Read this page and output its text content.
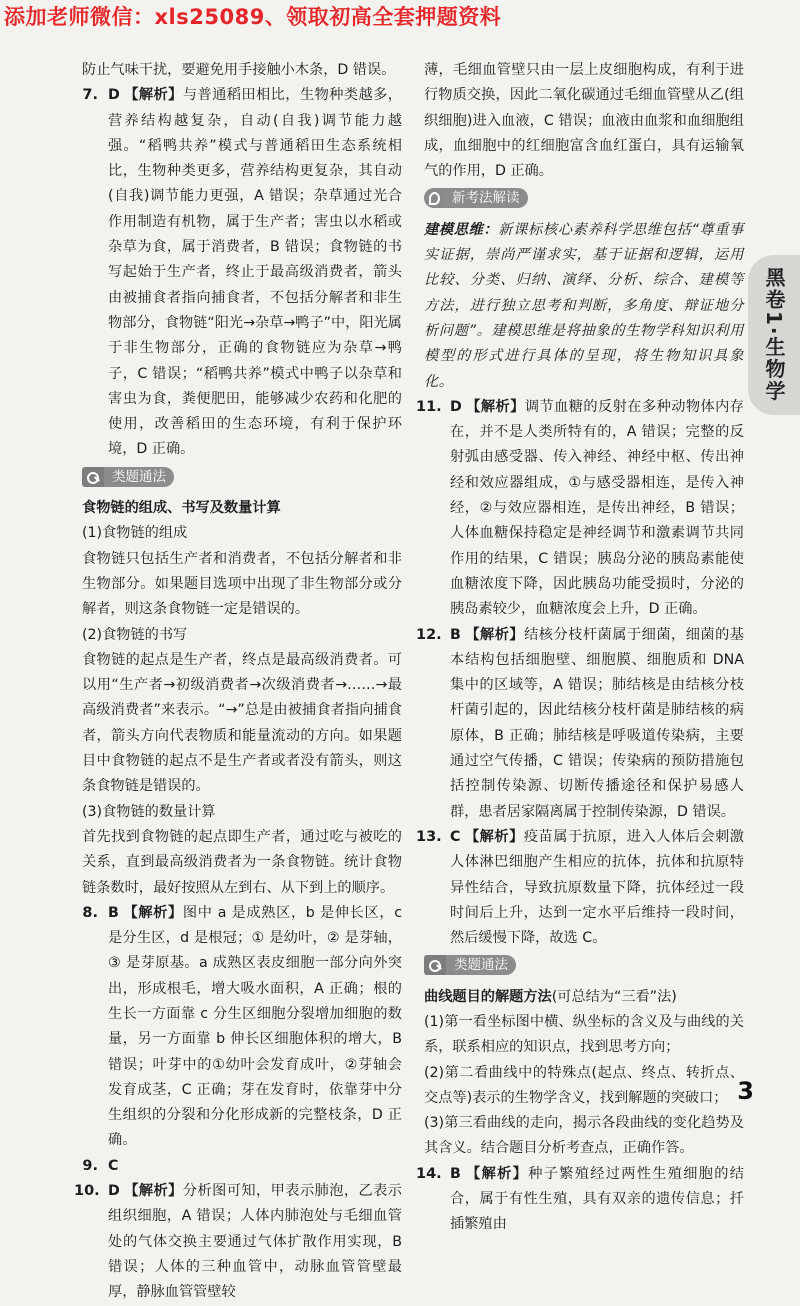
添加老师微信：xls25089、领取初高全套押题资料
防止气味干扰，要避免用手接触小木条，D 错误。
7. D 【解析】与普通稻田相比，生物种类越多，营养结构越复杂，自动(自我)调节能力越强。“稻鸭共养”模式与普通稻田生态系统相比，生物种类更多，营养结构更复杂，其自动(自我)调节能力更强，A 错误；杂草通过光合作用制造有机物，属于生产者；害虫以水稻或杂草为食，属于消费者，B 错误；食物链的书写起始于生产者，终止于最高级消费者，箭头由被捕食者指向捕食者，不包括分解者和非生物部分，食物链“阳光→杂草→鸭子”中，阳光属于非生物部分，正确的食物链应为杂草→鸭子，C 错误；“稻鸭共养”模式中鸭子以杂草和害虫为食，粪便肥田，能够减少农药和化肥的使用，改善稻田的生态环境，有利于保护环境，D 正确。
类题通法
食物链的组成、书写及数量计算
(1)食物链的组成
食物链只包括生产者和消费者，不包括分解者和非生物部分。如果题目选项中出现了非生物部分或分解者，则这条食物链一定是错误的。
(2)食物链的书写
食物链的起点是生产者，终点是最高级消费者。可以用“生产者→初级消费者→次级消费者→……→最高级消费者”来表示。“→”总是由被捕食者指向捕食者，箭头方向代表物质和能量流动的方向。如果题目中食物链的起点不是生产者或者没有箭头，则这条食物链是错误的。
(3)食物链的数量计算
首先找到食物链的起点即生产者，通过吃与被吃的关系，直到最高级消费者为一条食物链。统计食物链条数时，最好按照从左到右、从下到上的顺序。
8. B 【解析】图中 a 是成熟区，b 是伸长区，c 是分生区，d 是根冠；① 是幼叶，② 是芽轴，③ 是芽原基。a 成熟区表皮细胞一部分向外突出，形成根毛，增大吸水面积，A 正确；根的生长一方面靠 c 分生区细胞分裂增加细胞的数量，另一方面靠 b 伸长区细胞体积的增大，B 错误；叶芽中的①幼叶会发育成叶，②芽轴会发育成茎，C 正确；芽在发育时，依靠芽中分生组织的分裂和分化形成新的完整枝条，D 正确。
9. C
10. D 【解析】分析图可知，甲表示肺泡，乙表示组织细胞，A 错误；人体内肺泡处与毛细血管处的气体交换主要通过气体扩散作用实现，B 错误；人体的三种血管中，动脉血管管壁最厚，静脉血管管壁较
薄，毛细血管壁只由一层上皮细胞构成，有利于进行物质交换，因此二氧化碳通过毛细血管壁从乙(组织细胞)进入血液，C 错误；血液由血浆和血细胞组成，血细胞中的红细胞富含血红蛋白，具有运输氧气的作用，D 正确。
新考法解读
建模思维：新课标核心素养科学思维包括“尊重事实证据，崇尚严谨求实，基于证据和逻辑，运用比较、分类、归纳、演绎、分析、综合、建模等方法，进行独立思考和判断，多角度、辩证地分析问题”。建模思维是将抽象的生物学科知识利用模型的形式进行具体的呈现，将生物知识具象化。
11. D 【解析】调节血糖的反射在多种动物体内存在，并不是人类所特有的，A 错误；完整的反射弧由感受器、传入神经、神经中枢、传出神经和效应器组成，①与感受器相连，是传入神经，②与效应器相连，是传出神经，B 错误；人体血糖保持稳定是神经调节和激素调节共同作用的结果，C 错误；胰岛分泌的胰岛素能使血糖浓度下降，因此胰岛功能受损时，分泌的胰岛素较少，血糖浓度会上升，D 正确。
12. B 【解析】结核分枝杆菌属于细菌，细菌的基本结构包括细胞壁、细胞膜、细胞质和 DNA 集中的区域等，A 错误；肺结核是由结核分枝杆菌引起的，因此结核分枝杆菌是肺结核的病原体，B 正确；肺结核是呼吸道传染病，主要通过空气传播，C 错误；传染病的预防措施包括控制传染源、切断传播途径和保护易感人群，患者居家隔离属于控制传染源，D 错误。
13. C 【解析】疫苗属于抗原，进入人体后会刺激人体淋巴细胞产生相应的抗体，抗体和抗原特异性结合，导致抗原数量下降，抗体经过一段时间后上升，达到一定水平后维持一段时间，然后缓慢下降，故选 C。
类题通法
曲线题目的解题方法(可总结为“三看”法)
(1)第一看坐标图中横、纵坐标的含义及与曲线的关系，联系相应的知识点，找到思考方向；
(2)第二看曲线中的特殊点(起点、终点、转折点、交点等)表示的生物学含义，找到解题的突破口；
(3)第三看曲线的走向，揭示各段曲线的变化趋势及其含义。结合题目分析考查点，正确作答。
14. B 【解析】种子繁殖经过两性生殖细胞的结合，属于有性生殖，具有双亲的遗传信息；扦插繁殖由
黑卷1·生物学
3
